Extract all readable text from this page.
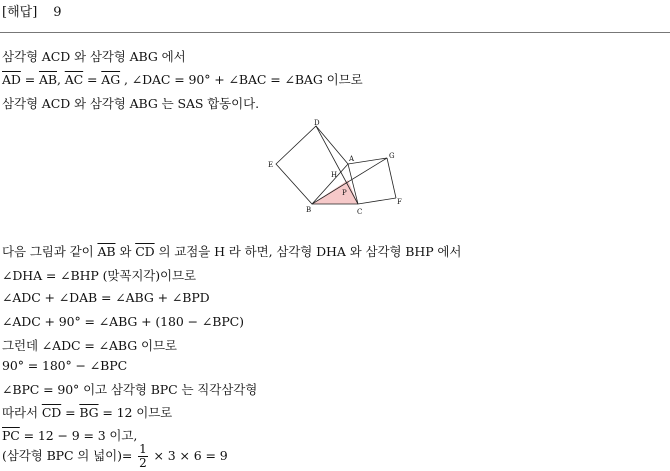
[해답] 9
삼각형 ACD 와 삼각형 ABG 에서
$\overline{AD} = \overline{AB}$, $\overline{AC} = \overline{AG}$ , ∠DAC = 90° + ∠BAC = ∠BAG 이므로
삼각형 ACD 와 삼각형 ABG 는 SAS 합동이다.
D
E
A	G
H
P
B	C
F
다음 그림과 같이 $\overline{AB}$ 와 $\overline{CD}$ 의 교점을 H 라 하면, 삼각형 DHA 와 삼각형 BHP 에서
∠DHA = ∠BHP (맞꼭지각)이므로
∠ADC + ∠DAB = ∠ABG + ∠BPD
∠ADC + 90° = ∠ABG + (180 − ∠BPC)
그런데 ∠ADC = ∠ABG 이므로
90° = 180° − ∠BPC
∠BPC = 90° 이고 삼각형 BPC 는 직각삼각형
따라서 $\overline{CD} = \overline{BG} = 12$ 이므로
$\overline{PC} = 12 - 9 = 3$ 이고,
(삼각형 BPC 의 넓이)= $\frac{1}{2} \times 3 \times 6 = 9$
